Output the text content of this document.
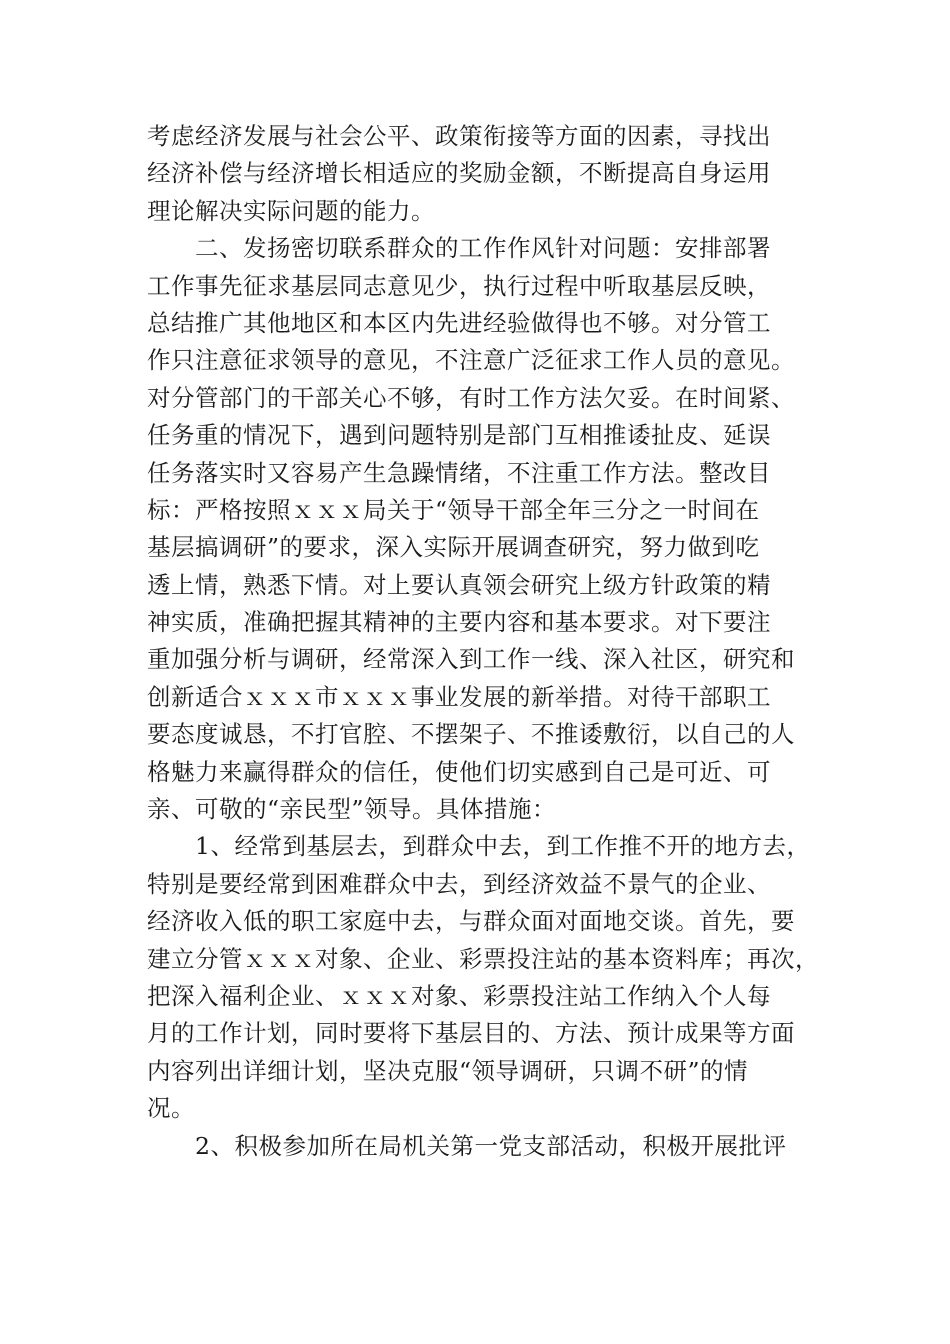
考虑经济发展与社会公平、政策衔接等方面的因素，寻找出
经济补偿与经济增长相适应的奖励金额，不断提高自身运用
理论解决实际问题的能力。
二、发扬密切联系群众的工作作风针对问题：安排部署
工作事先征求基层同志意见少，执行过程中听取基层反映，
总结推广其他地区和本区内先进经验做得也不够。对分管工
作只注意征求领导的意见，不注意广泛征求工作人员的意见。
对分管部门的干部关心不够，有时工作方法欠妥。在时间紧、
任务重的情况下，遇到问题特别是部门互相推诿扯皮、延误
任务落实时又容易产生急躁情绪，不注重工作方法。整改目
标：严格按照ｘｘｘ局关于“领导干部全年三分之一时间在
基层搞调研”的要求，深入实际开展调查研究，努力做到吃
透上情，熟悉下情。对上要认真领会研究上级方针政策的精
神实质，准确把握其精神的主要内容和基本要求。对下要注
重加强分析与调研，经常深入到工作一线、深入社区，研究和
创新适合ｘｘｘ市ｘｘｘ事业发展的新举措。对待干部职工
要态度诚恳，不打官腔、不摆架子、不推诿敷衍，以自己的人
格魅力来赢得群众的信任，使他们切实感到自己是可近、可
亲、可敬的“亲民型”领导。具体措施：
1、经常到基层去，到群众中去，到工作推不开的地方去，
特别是要经常到困难群众中去，到经济效益不景气的企业、
经济收入低的职工家庭中去，与群众面对面地交谈。首先，要
建立分管ｘｘｘ对象、企业、彩票投注站的基本资料库；再次，
把深入福利企业、ｘｘｘ对象、彩票投注站工作纳入个人每
月的工作计划，同时要将下基层目的、方法、预计成果等方面
内容列出详细计划，坚决克服“领导调研，只调不研”的情
况。
2、积极参加所在局机关第一党支部活动，积极开展批评
